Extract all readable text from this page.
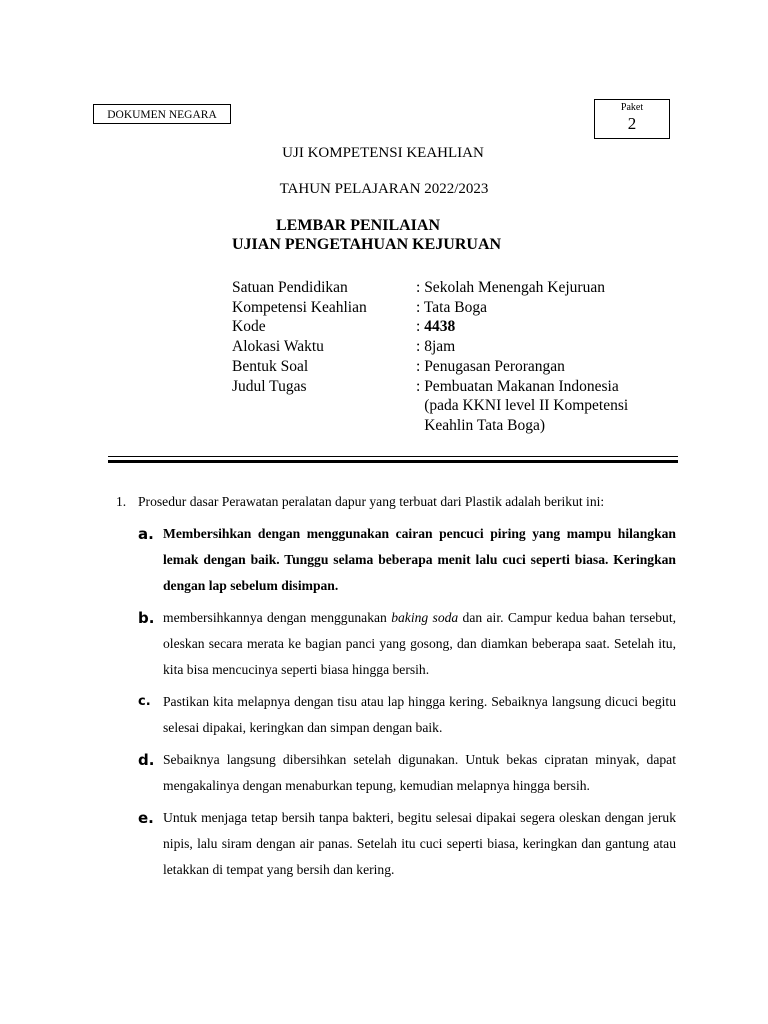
DOKUMEN NEGARA
Paket
2
UJI KOMPETENSI KEAHLIAN
TAHUN PELAJARAN 2022/2023
LEMBAR PENILAIAN
UJIAN PENGETAHUAN KEJURUAN
Satuan Pendidikan	: Sekolah Menengah Kejuruan
Kompetensi Keahlian	: Tata Boga
Kode	: 4438
Alokasi Waktu	: 8jam
Bentuk Soal	: Penugasan Perorangan
Judul Tugas	: Pembuatan Makanan Indonesia (pada KKNI level II Kompetensi Keahlin Tata Boga)
1. Prosedur dasar Perawatan peralatan dapur yang terbuat dari Plastik adalah berikut ini:
a. Membersihkan dengan menggunakan cairan pencuci piring yang mampu hilangkan lemak dengan baik. Tunggu selama beberapa menit lalu cuci seperti biasa. Keringkan dengan lap sebelum disimpan.
b. membersihkannya dengan menggunakan baking soda dan air. Campur kedua bahan tersebut, oleskan secara merata ke bagian panci yang gosong, dan diamkan beberapa saat. Setelah itu, kita bisa mencucinya seperti biasa hingga bersih.
c. Pastikan kita melapnya dengan tisu atau lap hingga kering. Sebaiknya langsung dicuci begitu selesai dipakai, keringkan dan simpan dengan baik.
d. Sebaiknya langsung dibersihkan setelah digunakan. Untuk bekas cipratan minyak, dapat mengakalinya dengan menaburkan tepung, kemudian melapnya hingga bersih.
e. Untuk menjaga tetap bersih tanpa bakteri, begitu selesai dipakai segera oleskan dengan jeruk nipis, lalu siram dengan air panas. Setelah itu cuci seperti biasa, keringkan dan gantung atau letakkan di tempat yang bersih dan kering.
